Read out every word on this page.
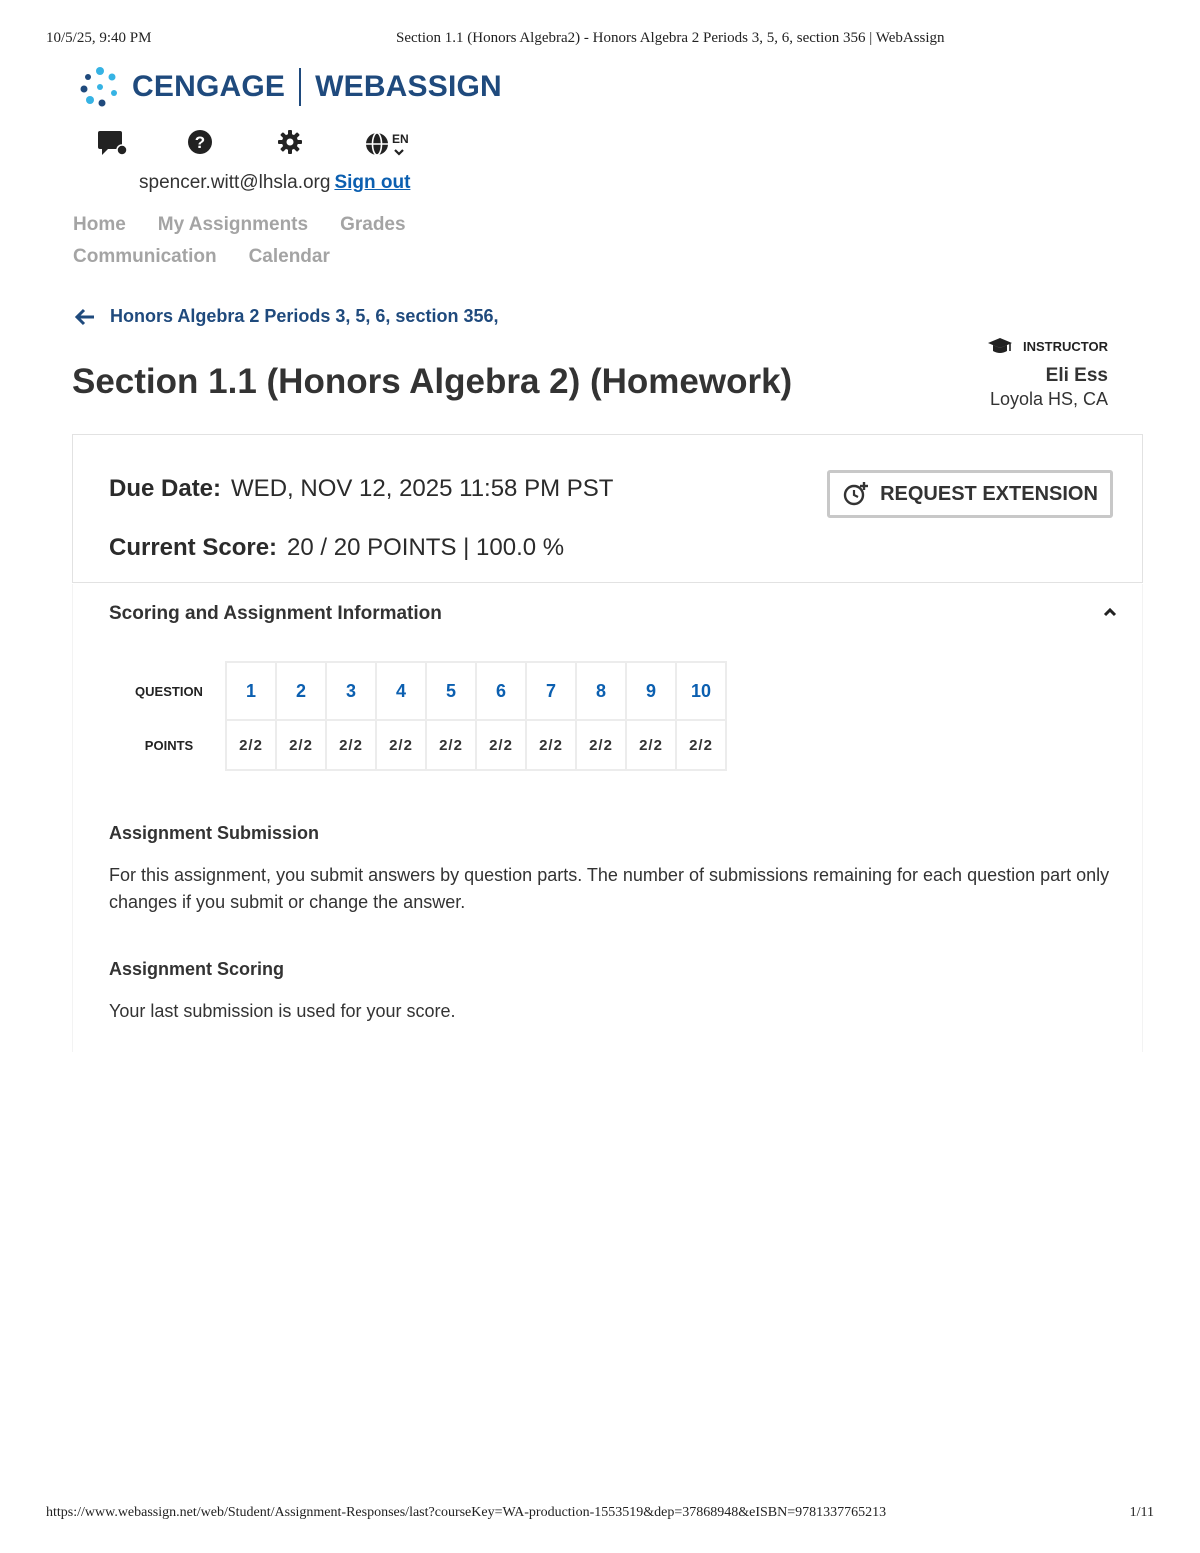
10/5/25, 9:40 PM	Section 1.1 (Honors Algebra2) - Honors Algebra 2 Periods 3, 5, 6, section 356 | WebAssign
CENGAGE WEBASSIGN
?	EN
spencer.witt@lhsla.org Sign out
Home My Assignments Grades
Communication Calendar
Honors Algebra 2 Periods 3, 5, 6, section 356,
Section 1.1 (Honors Algebra 2) (Homework)
INSTRUCTOR
Eli Ess
Loyola HS, CA
Due Date: WED, NOV 12, 2025 11:58 PM PST
Current Score: 20 / 20 POINTS | 100.0 %
REQUEST EXTENSION
Scoring and Assignment Information
QUESTION	1	2	3	4	5	6	7	8	9	10
POINTS	2/2	2/2	2/2	2/2	2/2	2/2	2/2	2/2	2/2	2/2
Assignment Submission
For this assignment, you submit answers by question parts. The number of submissions remaining for each question part only changes if you submit or change the answer.
Assignment Scoring
Your last submission is used for your score.
https://www.webassign.net/web/Student/Assignment-Responses/last?courseKey=WA-production-1553519&dep=37868948&eISBN=9781337765213	1/11
